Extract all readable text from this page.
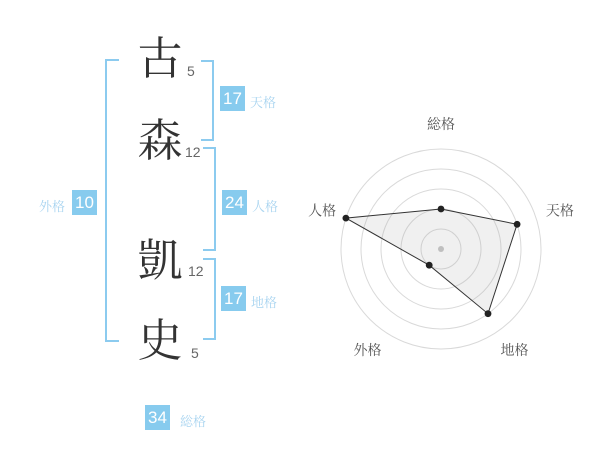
古
森
凱
史
5
12
12
5
17 天格
24 人格
17 地格
外格 10
34 総格
総格
天格
地格
外格
人格
